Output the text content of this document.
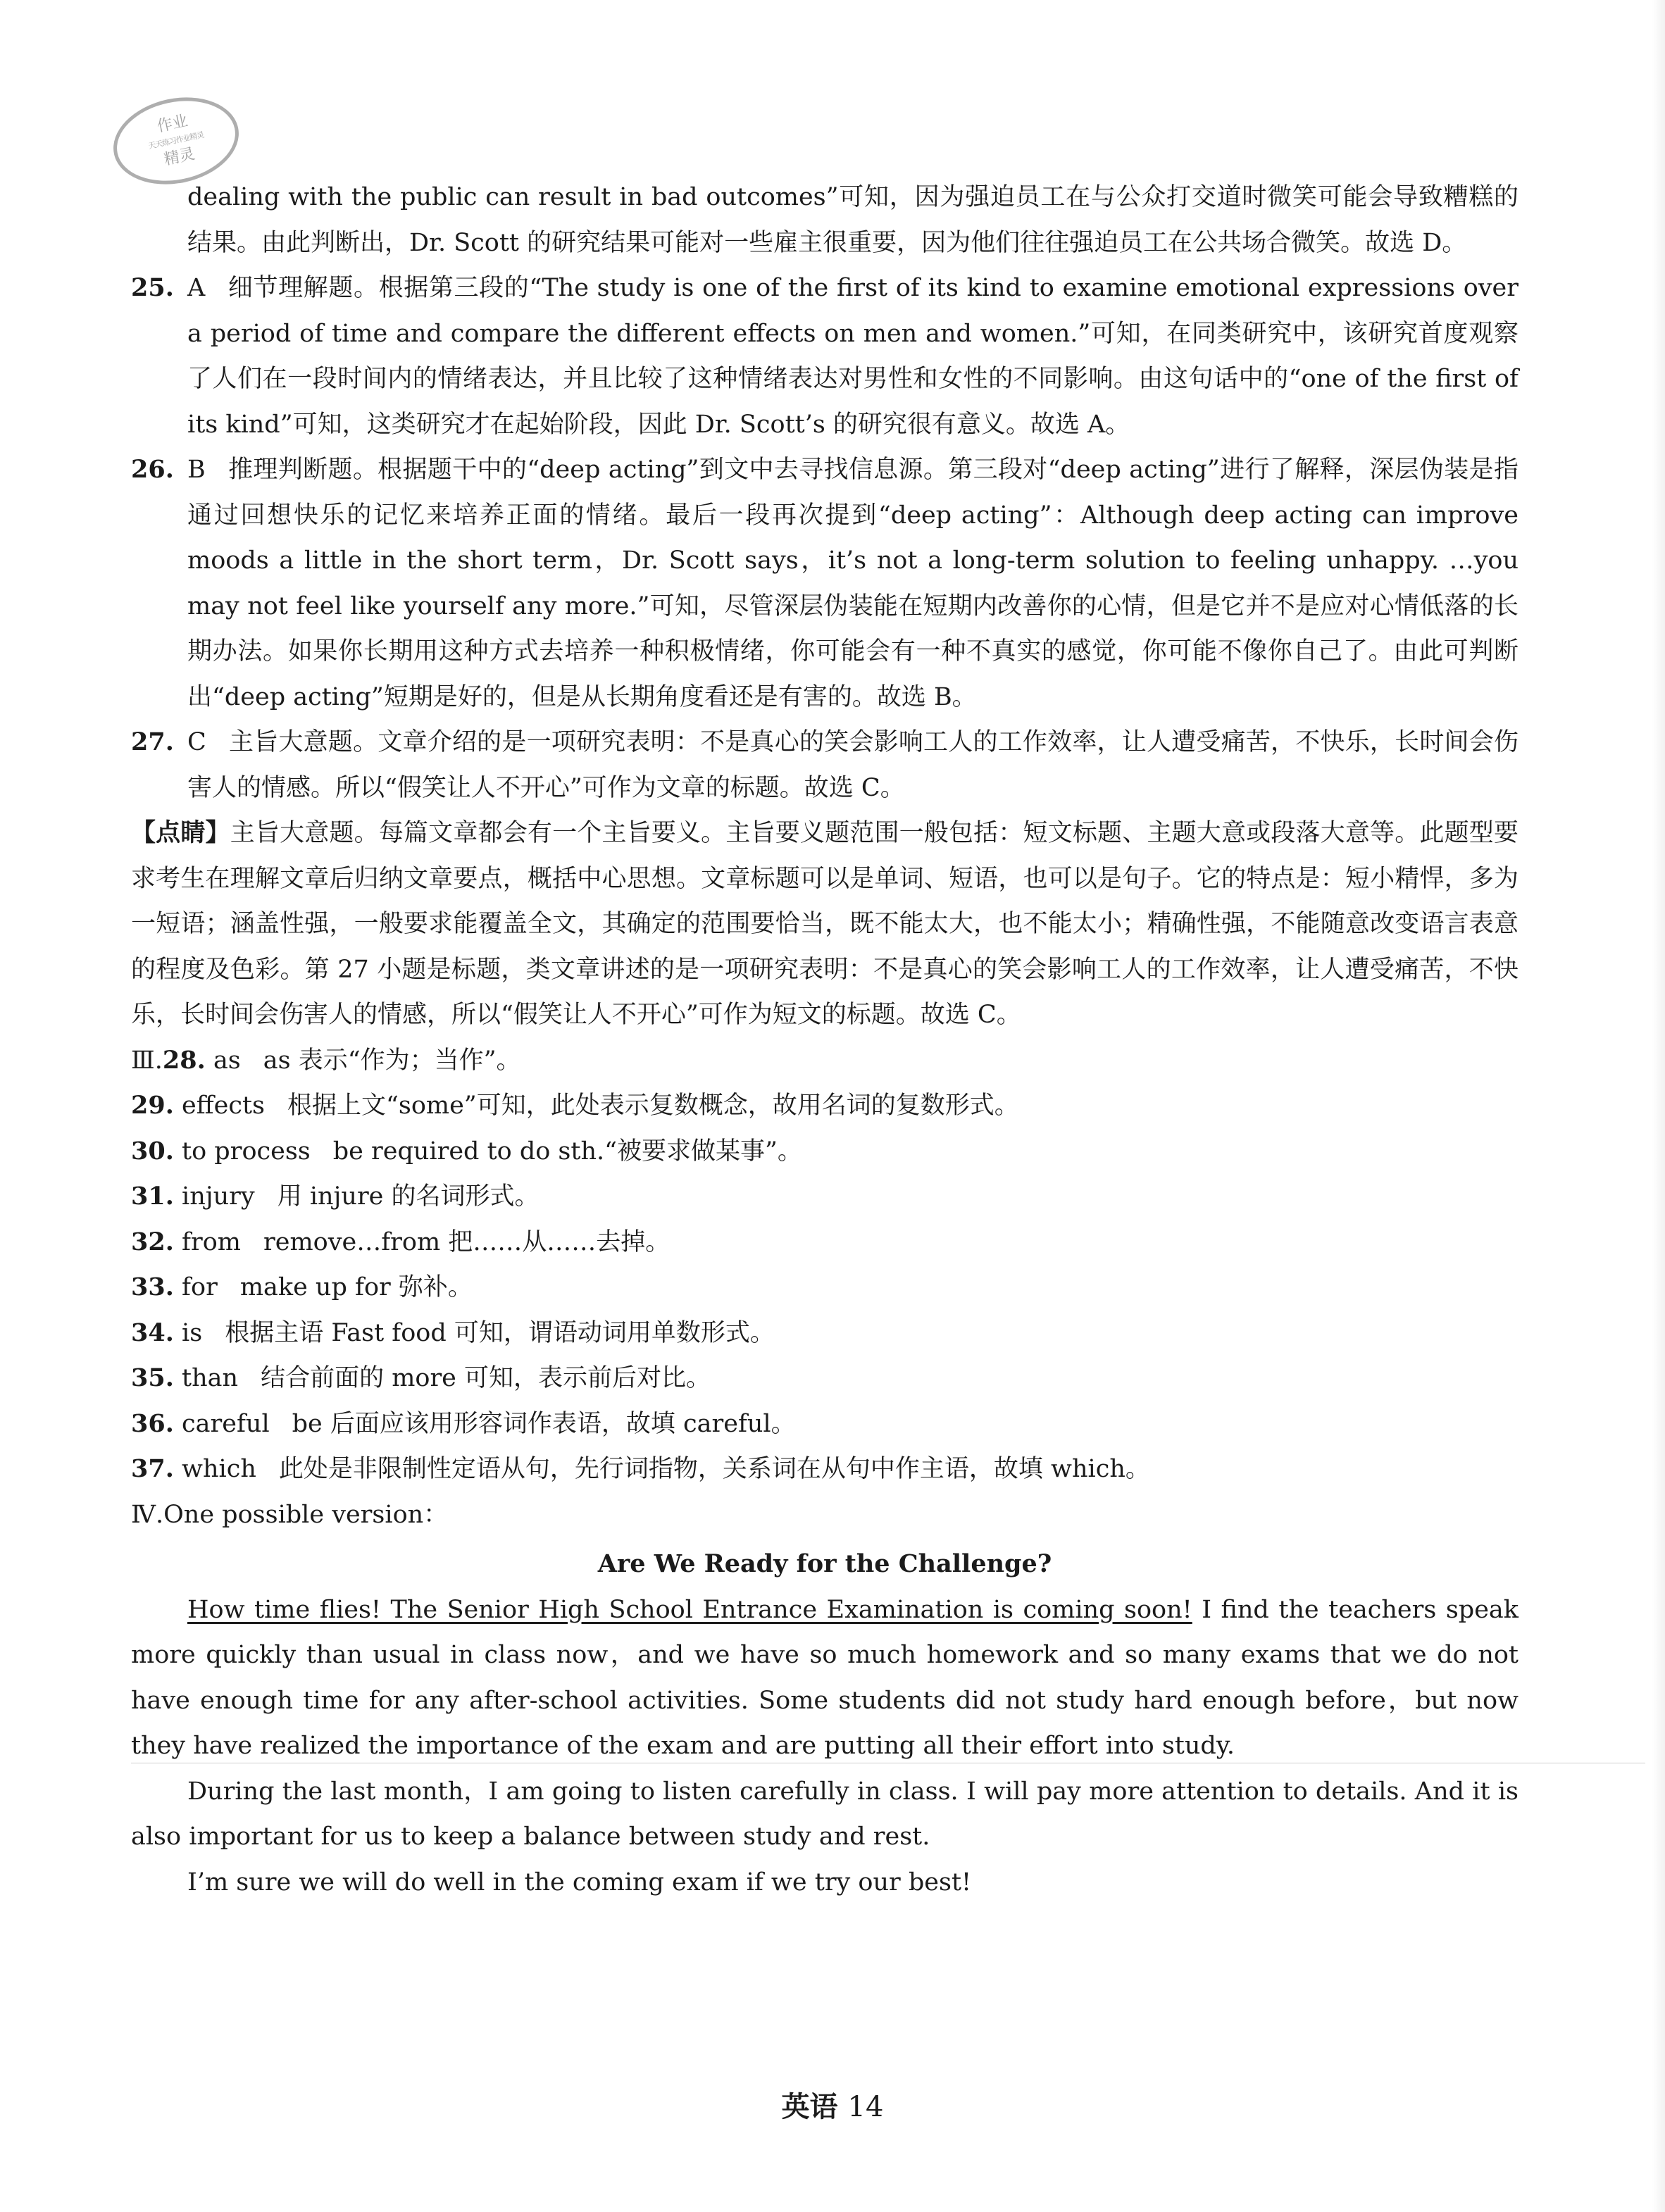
作业
天天练习作业精灵
精灵

dealing with the public can result in bad outcomes”可知，因为强迫员工在与公众打交道时微笑可能会导致糟糕的结果。由此判断出，Dr. Scott 的研究结果可能对一些雇主很重要，因为他们往往强迫员工在公共场合微笑。故选 D。

25. A 细节理解题。根据第三段的“The study is one of the first of its kind to examine emotional expressions over a period of time and compare the different effects on men and women.”可知，在同类研究中，该研究首度观察了人们在一段时间内的情绪表达，并且比较了这种情绪表达对男性和女性的不同影响。由这句话中的“one of the first of its kind”可知，这类研究才在起始阶段，因此 Dr. Scott’s 的研究很有意义。故选 A。

26. B 推理判断题。根据题干中的“deep acting”到文中去寻找信息源。第三段对“deep acting”进行了解释，深层伪装是指通过回想快乐的记忆来培养正面的情绪。最后一段再次提到“deep acting”：Although deep acting can improve moods a little in the short term，Dr. Scott says，it’s not a long-term solution to feeling unhappy. …you may not feel like yourself any more.”可知，尽管深层伪装能在短期内改善你的心情，但是它并不是应对心情低落的长期办法。如果你长期用这种方式去培养一种积极情绪，你可能会有一种不真实的感觉，你可能不像你自己了。由此可判断出“deep acting”短期是好的，但是从长期角度看还是有害的。故选 B。

27. C 主旨大意题。文章介绍的是一项研究表明：不是真心的笑会影响工人的工作效率，让人遭受痛苦，不快乐，长时间会伤害人的情感。所以“假笑让人不开心”可作为文章的标题。故选 C。

【点睛】主旨大意题。每篇文章都会有一个主旨要义。主旨要义题范围一般包括：短文标题、主题大意或段落大意等。此题型要求考生在理解文章后归纳文章要点，概括中心思想。文章标题可以是单词、短语，也可以是句子。它的特点是：短小精悍，多为一短语；涵盖性强，一般要求能覆盖全文，其确定的范围要恰当，既不能太大，也不能太小；精确性强，不能随意改变语言表意的程度及色彩。第 27 小题是标题，类文章讲述的是一项研究表明：不是真心的笑会影响工人的工作效率，让人遭受痛苦，不快乐，长时间会伤害人的情感，所以“假笑让人不开心”可作为短文的标题。故选 C。

Ⅲ.28. as as 表示“作为；当作”。

29. effects 根据上文“some”可知，此处表示复数概念，故用名词的复数形式。

30. to process be required to do sth.“被要求做某事”。

31. injury 用 injure 的名词形式。

32. from remove…from 把……从……去掉。

33. for make up for 弥补。

34. is 根据主语 Fast food 可知，谓语动词用单数形式。

35. than 结合前面的 more 可知，表示前后对比。

36. careful be 后面应该用形容词作表语，故填 careful。

37. which 此处是非限制性定语从句，先行词指物，关系词在从句中作主语，故填 which。

Ⅳ.One possible version：

Are We Ready for the Challenge?

How time flies! The Senior High School Entrance Examination is coming soon! I find the teachers speak more quickly than usual in class now，and we have so much homework and so many exams that we do not have enough time for any after-school activities. Some students did not study hard enough before，but now they have realized the importance of the exam and are putting all their effort into study.

During the last month，I am going to listen carefully in class. I will pay more attention to details. And it is also important for us to keep a balance between study and rest.

I’m sure we will do well in the coming exam if we try our best!

英语 14
